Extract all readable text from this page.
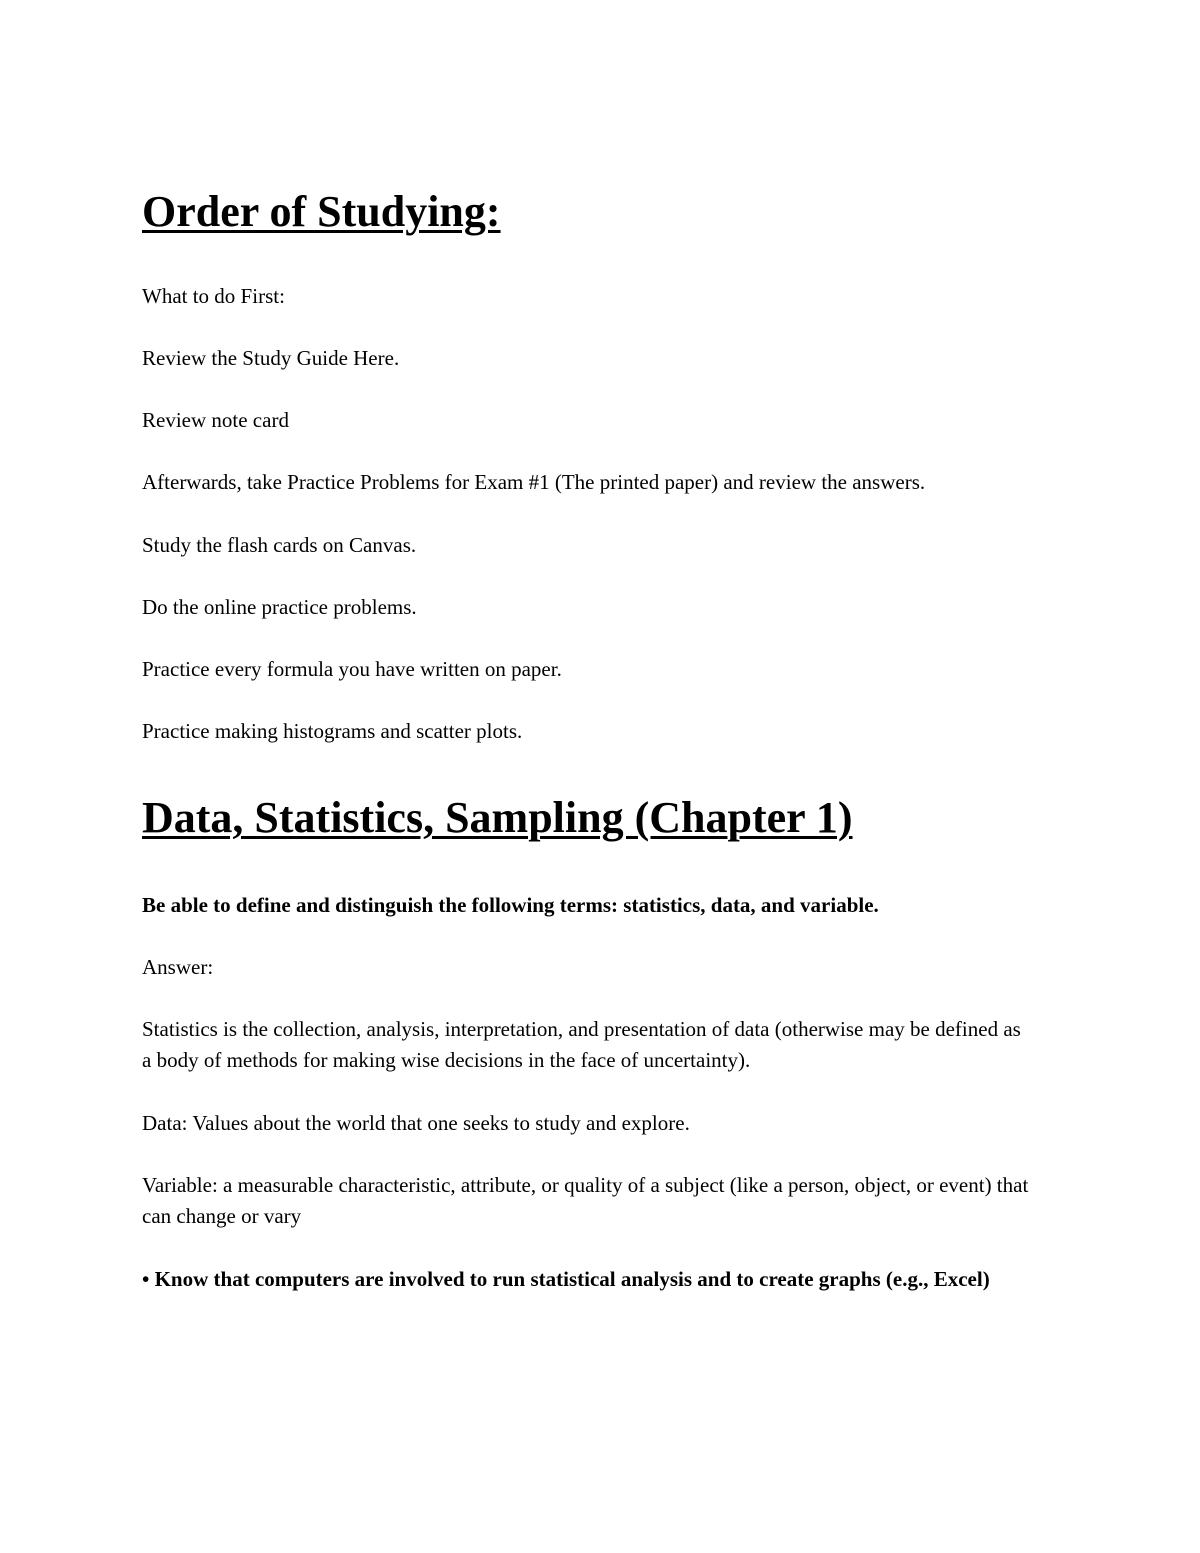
Order of Studying:

What to do First:

Review the Study Guide Here.

Review note card

Afterwards, take Practice Problems for Exam #1 (The printed paper) and review the answers.

Study the flash cards on Canvas.

Do the online practice problems.

Practice every formula you have written on paper.

Practice making histograms and scatter plots.

Data, Statistics, Sampling (Chapter 1)

Be able to define and distinguish the following terms: statistics, data, and variable.

Answer:

Statistics is the collection, analysis, interpretation, and presentation of data (otherwise may be defined as a body of methods for making wise decisions in the face of uncertainty).

Data: Values about the world that one seeks to study and explore.

Variable: a measurable characteristic, attribute, or quality of a subject (like a person, object, or event) that can change or vary

• Know that computers are involved to run statistical analysis and to create graphs (e.g., Excel)
